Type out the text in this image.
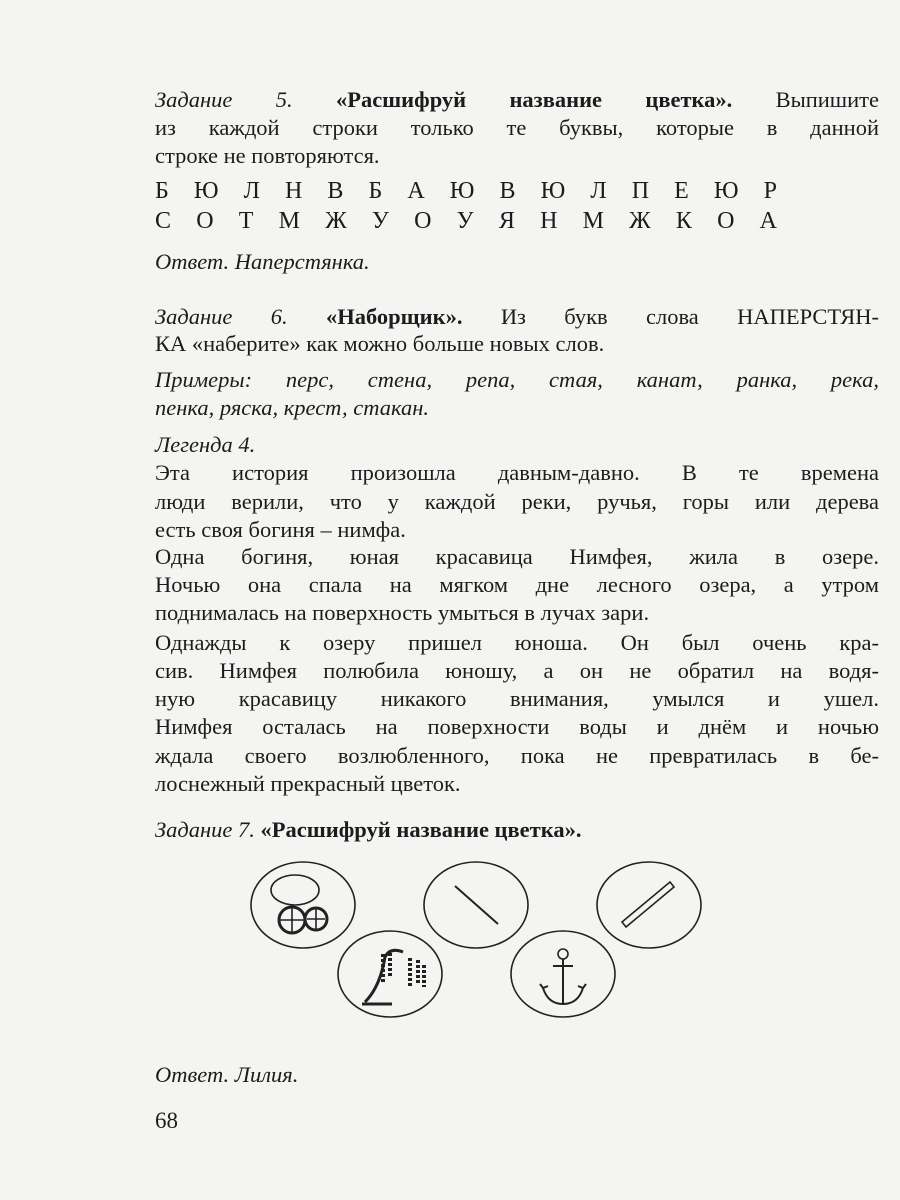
Задание 5. «Расшифруй название цветка». Выпишите
из каждой строки только те буквы, которые в данной
строке не повторяются.
Б Ю Л Н В Б А Ю В Ю Л П Е Ю Р
С О Т М Ж У О У Я Н М Ж К О А
Ответ. Наперстянка.
Задание 6. «Наборщик». Из букв слова НАПЕРСТЯН-
КА «наберите» как можно больше новых слов.
Примеры: перс, стена, репа, стая, канат, ранка, река,
пенка, ряска, крест, стакан.
Легенда 4.
Эта история произошла давным-давно. В те времена
люди верили, что у каждой реки, ручья, горы или дерева
есть своя богиня – нимфа.
Одна богиня, юная красавица Нимфея, жила в озере.
Ночью она спала на мягком дне лесного озера, а утром
поднималась на поверхность умыться в лучах зари.
Однажды к озеру пришел юноша. Он был очень кра-
сив. Нимфея полюбила юношу, а он не обратил на водя-
ную красавицу никакого внимания, умылся и ушел.
Нимфея осталась на поверхности воды и днём и ночью
ждала своего возлюбленного, пока не превратилась в бе-
лоснежный прекрасный цветок.
Задание 7. «Расшифруй название цветка».
Ответ. Лилия.
68
